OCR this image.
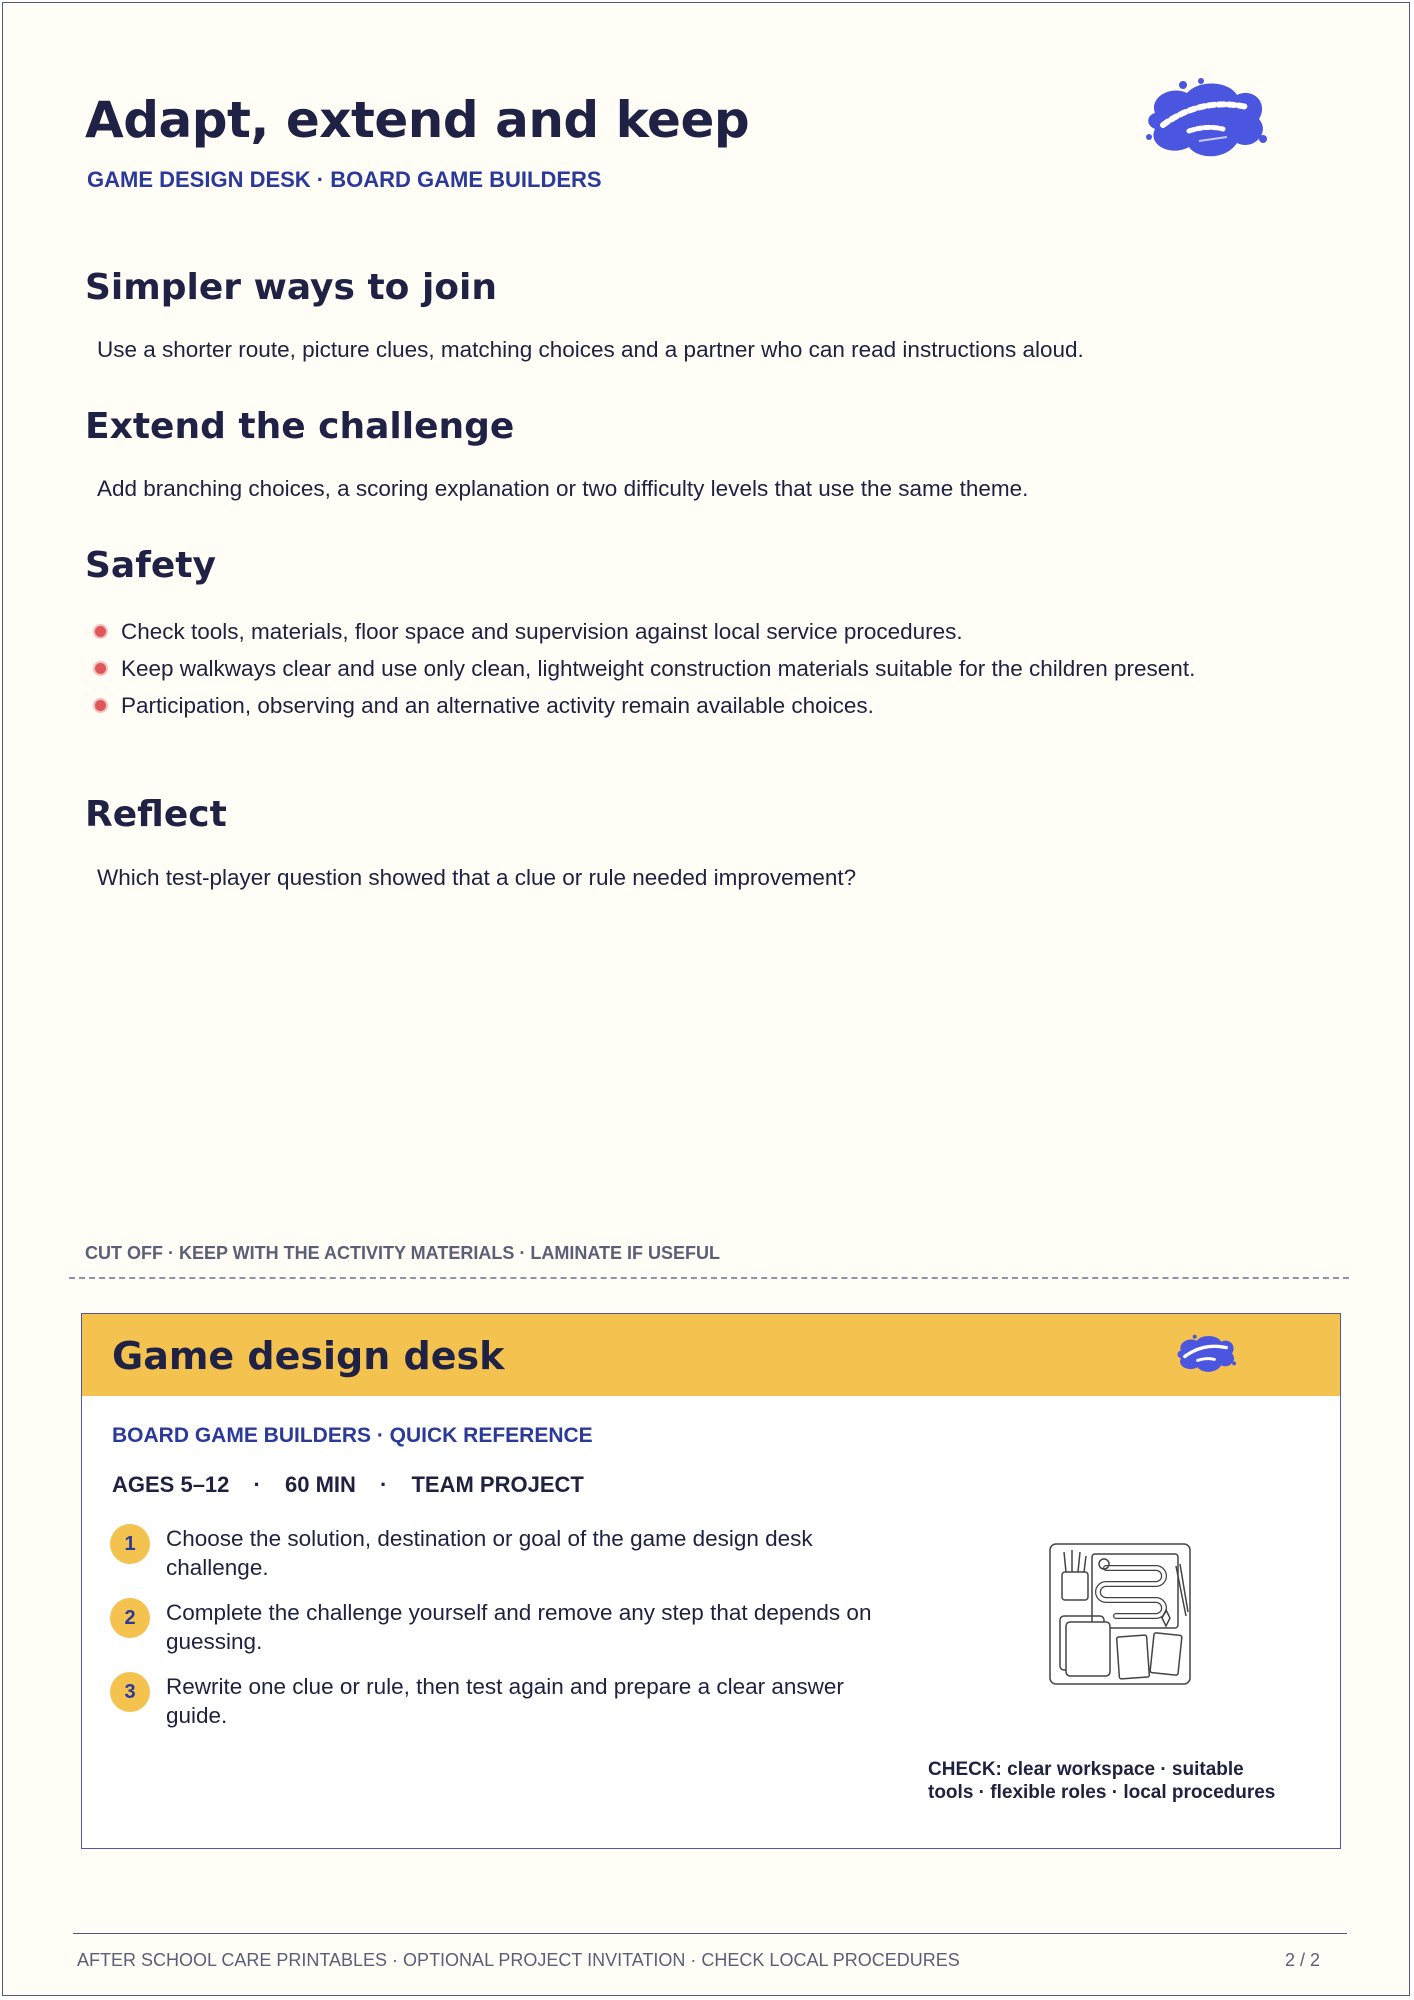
Adapt, extend and keep
GAME DESIGN DESK · BOARD GAME BUILDERS
Simpler ways to join
Use a shorter route, picture clues, matching choices and a partner who can read instructions aloud.
Extend the challenge
Add branching choices, a scoring explanation or two difficulty levels that use the same theme.
Safety
Check tools, materials, floor space and supervision against local service procedures.
Keep walkways clear and use only clean, lightweight construction materials suitable for the children present.
Participation, observing and an alternative activity remain available choices.
Reflect
Which test-player question showed that a clue or rule needed improvement?
CUT OFF · KEEP WITH THE ACTIVITY MATERIALS · LAMINATE IF USEFUL
Game design desk
BOARD GAME BUILDERS · QUICK REFERENCE
AGES 5–12 · 60 MIN · TEAM PROJECT
1	Choose the solution, destination or goal of the game design desk challenge.
2	Complete the challenge yourself and remove any step that depends on guessing.
3	Rewrite one clue or rule, then test again and prepare a clear answer guide.
CHECK: clear workspace · suitable tools · flexible roles · local procedures
AFTER SCHOOL CARE PRINTABLES · OPTIONAL PROJECT INVITATION · CHECK LOCAL PROCEDURES	2 / 2
